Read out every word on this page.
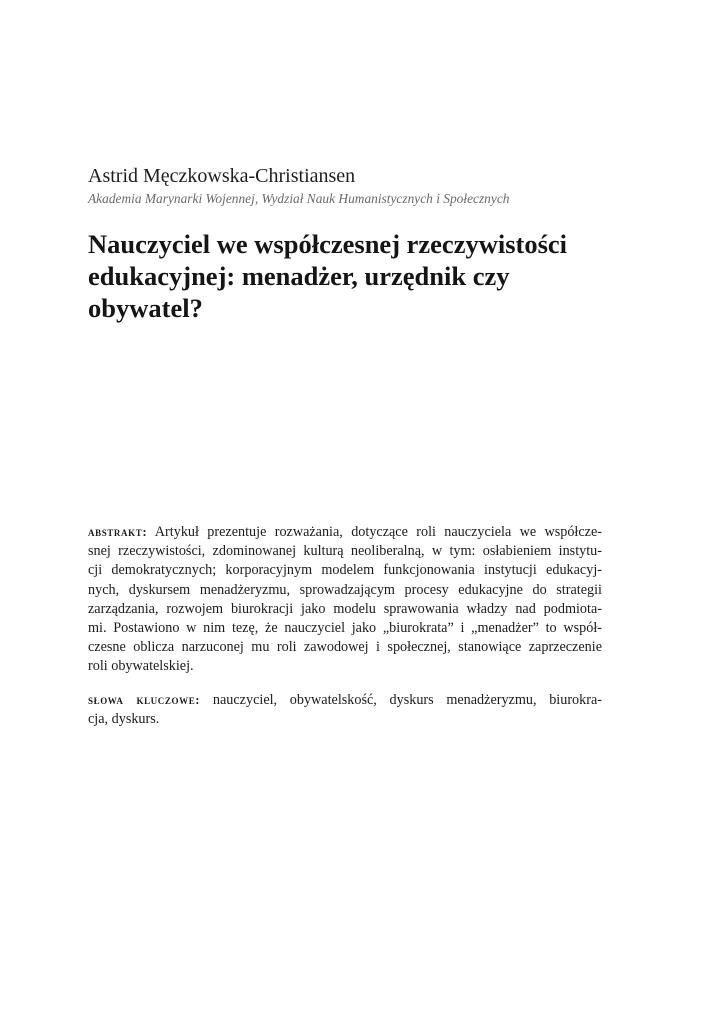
Astrid Męczkowska-Christiansen
Akademia Marynarki Wojennej, Wydział Nauk Humanistycznych i Społecznych
Nauczyciel we współczesnej rzeczywistości
edukacyjnej: menadżer, urzędnik czy
obywatel?
abstrakt: Artykuł prezentuje rozważania, dotyczące roli nauczyciela we współcze-
snej rzeczywistości, zdominowanej kulturą neoliberalną, w tym: osłabieniem instytu-
cji demokratycznych; korporacyjnym modelem funkcjonowania instytucji edukacyj-
nych, dyskursem menadżeryzmu, sprowadzającym procesy edukacyjne do strategii
zarządzania, rozwojem biurokracji jako modelu sprawowania władzy nad podmiota-
mi. Postawiono w nim tezę, że nauczyciel jako „biurokrata” i „menadżer” to współ-
czesne oblicza narzuconej mu roli zawodowej i społecznej, stanowiące zaprzeczenie
roli obywatelskiej.
słowa kluczowe: nauczyciel, obywatelskość, dyskurs menadżeryzmu, biurokra-
cja, dyskurs.
